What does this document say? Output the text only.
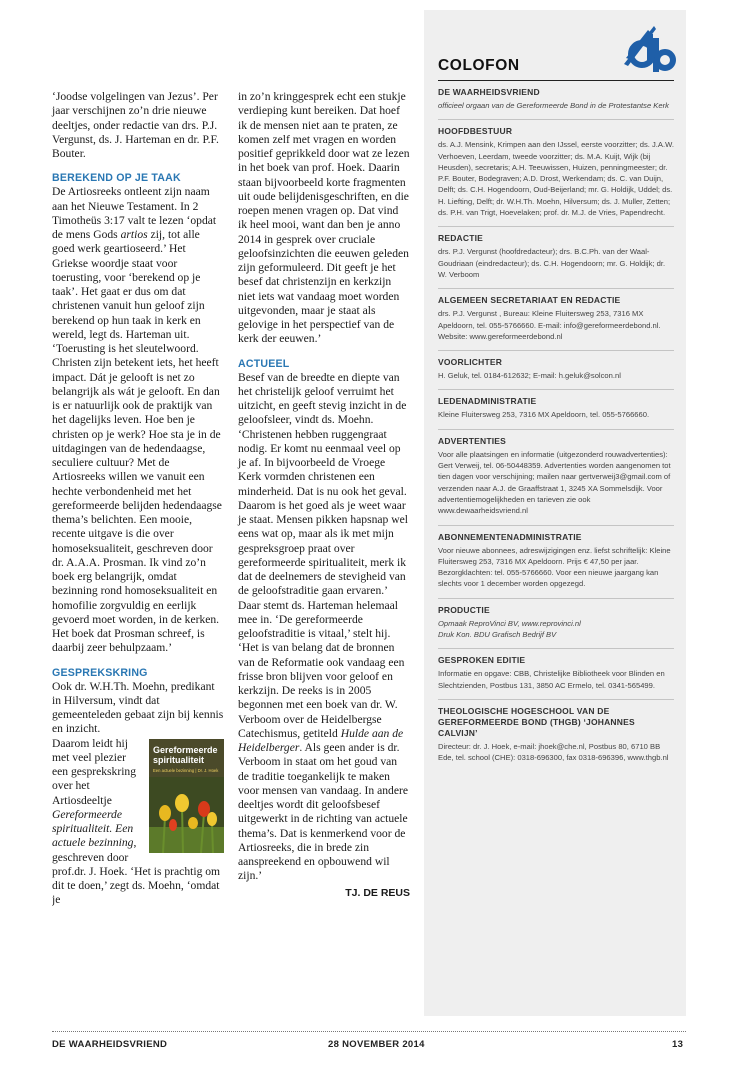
‘Joodse volgelingen van Jezus’. Per jaar verschijnen zo’n drie nieuwe deeltjes, onder redactie van drs. P.J. Vergunst, ds. J. Harteman en dr. P.F. Bouter.

BEREKEND OP JE TAAK

De Artiosreeks ontleent zijn naam aan het Nieuwe Testament. In 2 Timotheüs 3:17 valt te lezen ‘opdat de mens Gods artios zij, tot alle goed werk geartioseerd.’ Het Griekse woordje staat voor toerusting, voor ‘berekend op je taak’. Het gaat er dus om dat christenen vanuit hun geloof zijn berekend op hun taak in kerk en wereld, legt ds. Harteman uit. ‘Toerusting is het sleutelwoord. Christen zijn betekent iets, het heeft impact. Dát je gelooft is net zo belangrijk als wát je gelooft. En dan is er natuurlijk ook de praktijk van het dagelijks leven. Hoe ben je christen op je werk? Hoe sta je in de uitdagingen van de hedendaagse, seculiere cultuur? Met de Artiosreeks willen we vanuit een hechte verbondenheid met het gereformeerde belijden hedendaagse thema’s belichten. Een mooie, recente uitgave is die over homoseksualiteit, geschreven door dr. A.A.A. Prosman. Ik vind zo’n boek erg belangrijk, omdat bezinning rond homoseksualiteit en homofilie zorgvuldig en eerlijk gevoerd moet worden, in de kerken. Het boek dat Prosman schreef, is daarbij zeer behulpzaam.’

GESPREKSKRING

Ook dr. W.H.Th. Moehn, predikant in Hilversum, vindt dat gemeenteleden gebaat zijn bij kennis en inzicht.

Gereformeerde spiritualiteit
Een actuele bezinning | Dr. J. Hoek

Daarom leidt hij met veel plezier een gesprekskring over het Artiosdeeltje Gereformeerde spiritualiteit. Een actuele bezinning, geschreven door prof.dr. J. Hoek. ‘Het is prachtig om dit te doen,’ zegt ds. Moehn, ‘omdat je

in zo’n kringgesprek echt een stukje verdieping kunt bereiken. Dat hoef ik de mensen niet aan te praten, ze komen zelf met vragen en worden positief geprikkeld door wat ze lezen in het boek van prof. Hoek. Daarin staan bijvoorbeeld korte fragmenten uit oude belijdenisgeschriften, en die roepen menen vragen op. Dat vind ik heel mooi, want dan ben je anno 2014 in gesprek over cruciale geloofsinzichten die eeuwen geleden zijn geformuleerd. Dit geeft je het besef dat christenzijn en kerkzijn niet iets wat vandaag moet worden uitgevonden, maar je staat als gelovige in het perspectief van de kerk der eeuwen.’

ACTUEEL

Besef van de breedte en diepte van het christelijk geloof verruimt het uitzicht, en geeft stevig inzicht in de geloofsleer, vindt ds. Moehn. ‘Christenen hebben ruggengraat nodig. Er komt nu eenmaal veel op je af. In bijvoorbeeld de Vroege Kerk vormden christenen een minderheid. Dat is nu ook het geval. Daarom is het goed als je weet waar je staat. Mensen pikken hapsnap wel eens wat op, maar als ik met mijn gespreksgroep praat over gereformeerde spiritualiteit, merk ik dat de deelnemers de stevigheid van de geloofstraditie gaan ervaren.’

Daar stemt ds. Harteman helemaal mee in. ‘De gereformeerde geloofstraditie is vitaal,’ stelt hij. ‘Het is van belang dat de bronnen van de Reformatie ook vandaag een frisse bron blijven voor geloof en kerkzijn. De reeks is in 2005 begonnen met een boek van dr. W. Verboom over de Heidelbergse Catechismus, getiteld Hulde aan de Heidelberger. Als geen ander is dr. Verboom in staat om het goud van de traditie toegankelijk te maken voor mensen van vandaag. In andere deeltjes wordt dit geloofsbesef uitgewerkt in de richting van actuele thema’s. Dat is kenmerkend voor de Artiosreeks, die in brede zin aanspreekend en opbouwend wil zijn.’

TJ. DE REUS
COLOFON
DE WAARHEIDSVRIEND

officieel orgaan van de Gereformeerde Bond in de Protestantse Kerk

HOOFDBESTUUR

ds. A.J. Mensink, Krimpen aan den IJssel, eerste voorzitter; ds. J.A.W. Verhoeven, Leerdam, tweede voorzitter; ds. M.A. Kuijt, Wijk (bij Heusden), secretaris; A.H. Teeuwissen, Huizen, penningmeester; dr. P.F. Bouter, Bodegraven; A.D. Drost, Werkendam; ds. C. van Duijn, Delft; ds. C.H. Hogendoorn, Oud-Beijerland; mr. G. Holdijk, Uddel; ds. H. Liefting, Delft; dr. W.H.Th. Moehn, Hilversum; ds. J. Muller, Zetten; ds. P.H. van Trigt, Hoevelaken; prof. dr. M.J. de Vries, Papendrecht.

REDACTIE

drs. P.J. Vergunst (hoofdredacteur); drs. B.C.Ph. van der Waal-Goudriaan (eindredacteur); ds. C.H. Hogendoorn; mr. G. Holdijk; dr. W. Verboom

ALGEMEEN SECRETARIAAT EN REDACTIE

drs. P.J. Vergunst , Bureau: Kleine Fluitersweg 253, 7316 MX Apeldoorn, tel. 055-5766660. E-mail: info@gereformeerdebond.nl. Website: www.gereformeerdebond.nl

VOORLICHTER

H. Geluk, tel. 0184-612632; E-mail: h.geluk@solcon.nl

LEDENADMINISTRATIE

Kleine Fluitersweg 253, 7316 MX Apeldoorn, tel. 055-5766660.

ADVERTENTIES

Voor alle plaatsingen en informatie (uitgezonderd rouwadvertenties): Gert Verweij, tel. 06-50448359. Advertenties worden aangenomen tot tien dagen voor verschijning; mailen naar gertverweij3@gmail.com of verzenden naar A.J. de Graaffstraat 1, 3245 XA Sommelsdijk. Voor advertentiemogelijkheden en tarieven zie ook www.dewaarheidsvriend.nl

ABONNEMENTENADMINISTRATIE

Voor nieuwe abonnees, adreswijzigingen enz. liefst schriftelijk: Kleine Fluitersweg 253, 7316 MX Apeldoorn. Prijs € 47,50 per jaar. Bezorgklachten: tel. 055-5766660. Voor een nieuwe jaargang kan slechts voor 1 december worden opgezegd.

PRODUCTIE

Opmaak ReproVinci BV, www.reprovinci.nl
Druk Kon. BDU Grafisch Bedrijf BV

GESPROKEN EDITIE

Informatie en opgave: CBB, Christelijke Bibliotheek voor Blinden en Slechtzienden, Postbus 131, 3850 AC Ermelo, tel. 0341-565499.

THEOLOGISCHE HOGESCHOOL VAN DE GEREFORMEERDE BOND (THGB) ‘JOHANNES CALVIJN’

Directeur: dr. J. Hoek, e-mail: jhoek@che.nl, Postbus 80, 6710 BB Ede, tel. school (CHE): 0318-696300, fax 0318-696396, www.thgb.nl

DE WAARHEIDSVRIEND	28 NOVEMBER 2014	13
